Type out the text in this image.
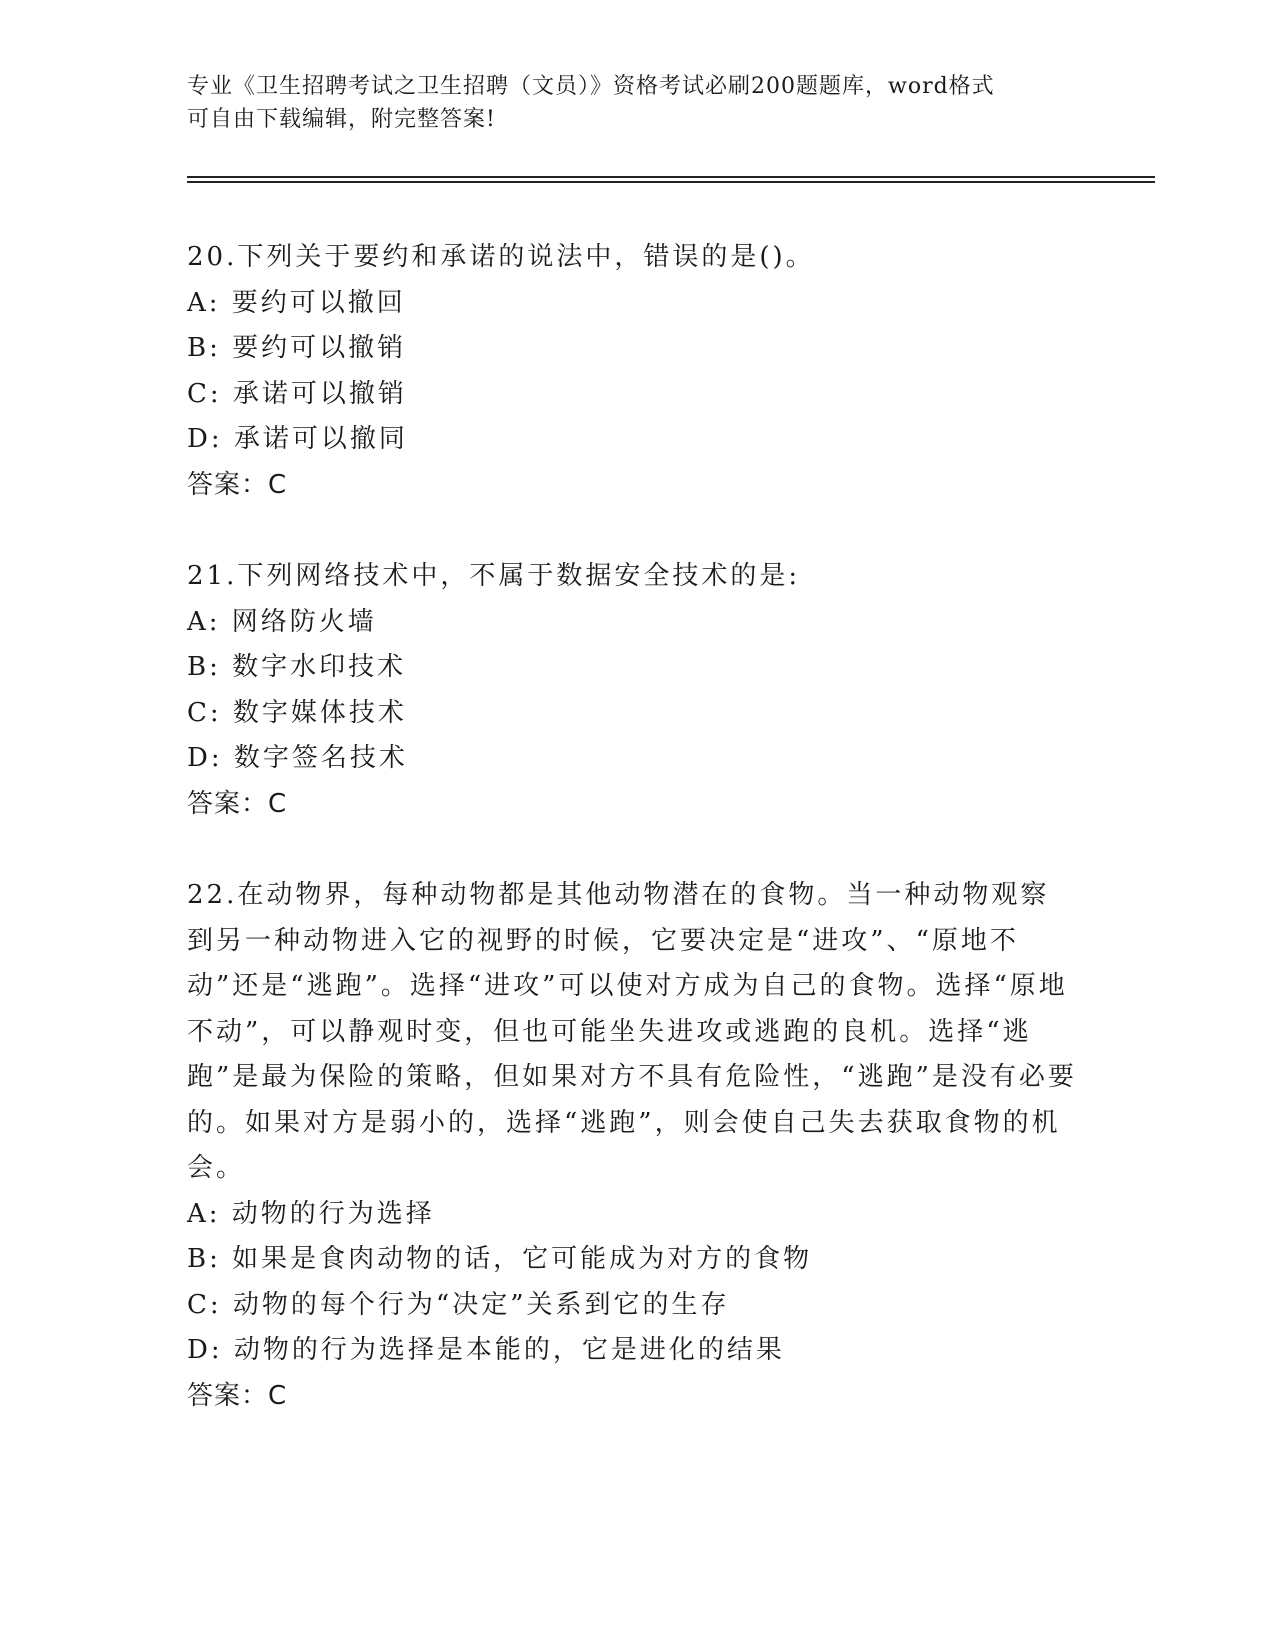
专业《卫生招聘考试之卫生招聘（文员）》资格考试必刷200题题库，word格式
可自由下载编辑，附完整答案!

20.下列关于要约和承诺的说法中，错误的是()。

A: 要约可以撤回

B: 要约可以撤销

C: 承诺可以撤销

D: 承诺可以撤同

答案：C

21.下列网络技术中，不属于数据安全技术的是:

A: 网络防火墙

B: 数字水印技术

C: 数字媒体技术

D: 数字签名技术

答案：C

22.在动物界，每种动物都是其他动物潜在的食物。当一种动物观察到另一种动物进入它的视野的时候，它要决定是“进攻”、“原地不动”还是“逃跑”。选择“进攻”可以使对方成为自己的食物。选择“原地不动”，可以静观时变，但也可能坐失进攻或逃跑的良机。选择“逃跑”是最为保险的策略，但如果对方不具有危险性，“逃跑”是没有必要的。如果对方是弱小的，选择“逃跑”，则会使自己失去获取食物的机会。

A: 动物的行为选择

B: 如果是食肉动物的话，它可能成为对方的食物

C: 动物的每个行为“决定”关系到它的生存

D: 动物的行为选择是本能的，它是进化的结果

答案：C
